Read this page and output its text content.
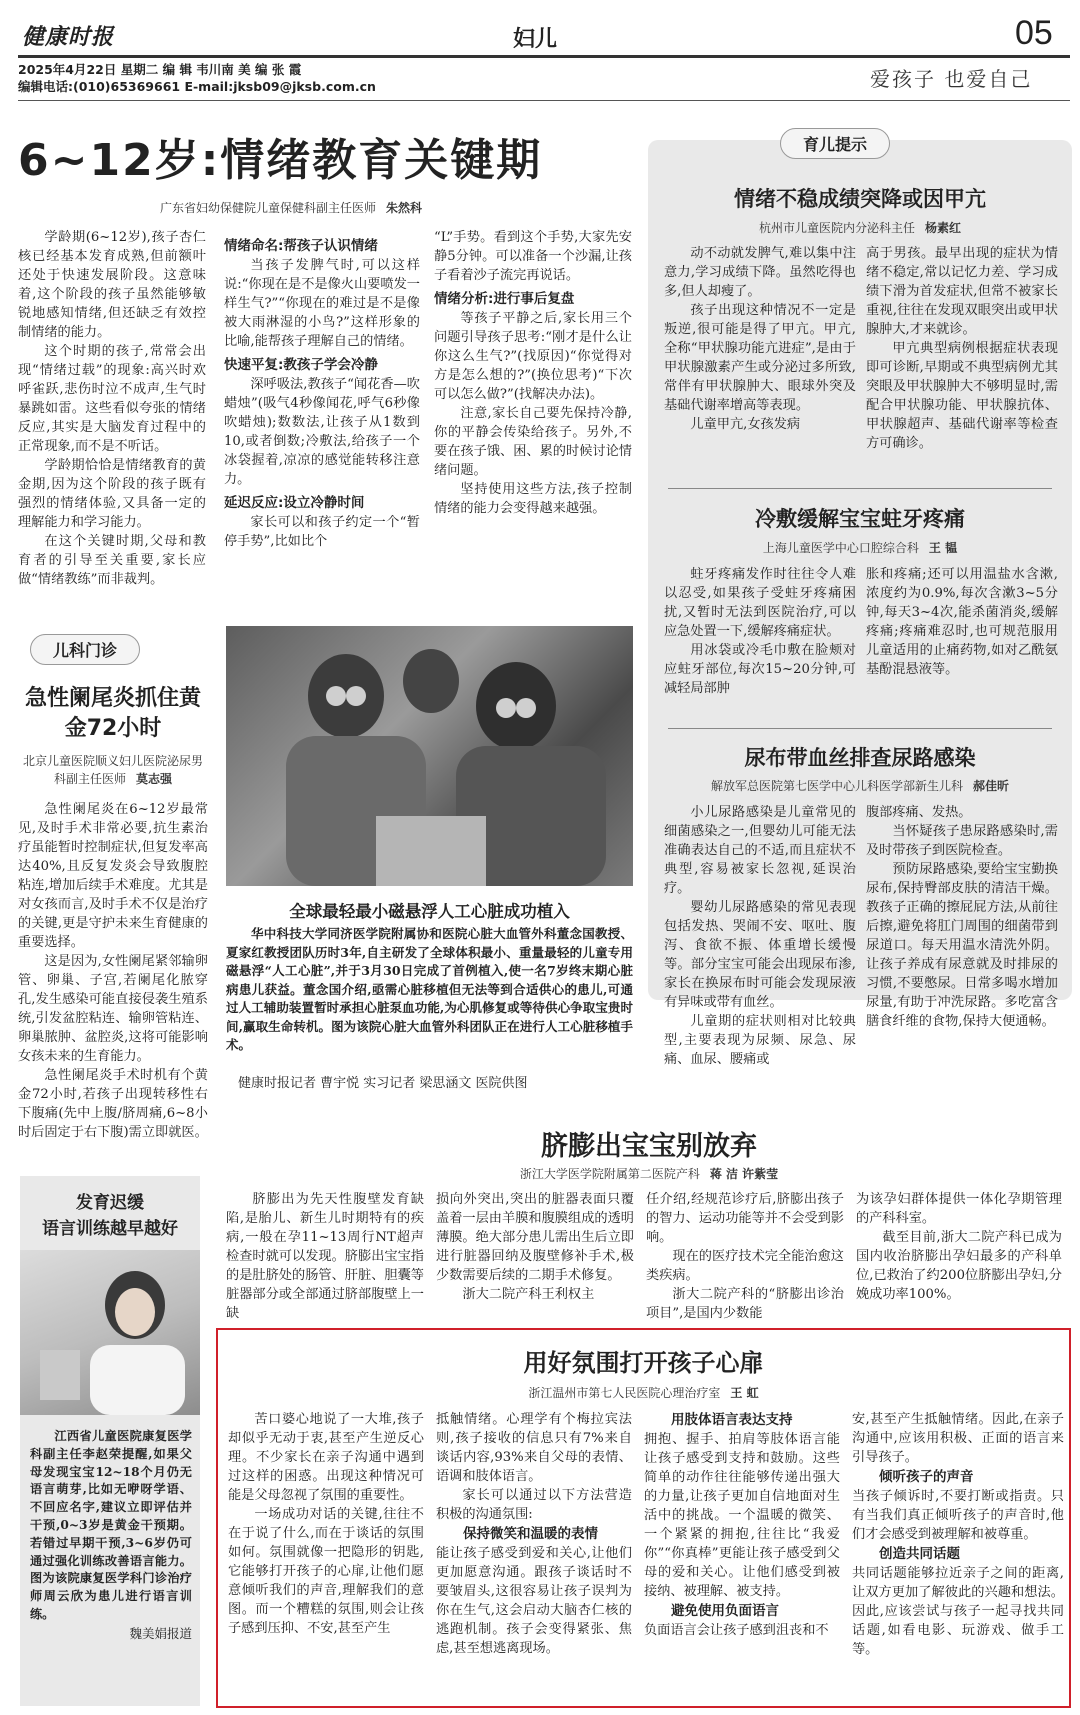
健康时报	妇儿	05
2025年4月22日 星期二 编 辑 韦川南 美 编 张 霞
编辑电话:(010)65369661 E-mail:jksb09@jksb.com.cn	爱孩子 也爱自己
6~12岁:情绪教育关键期
广东省妇幼保健院儿童保健科副主任医师 朱然科

学龄期(6~12岁),孩子杏仁核已经基本发育成熟,但前额叶还处于快速发展阶段。这意味着,这个阶段的孩子虽然能够敏锐地感知情绪,但还缺乏有效控制情绪的能力。

这个时期的孩子,常常会出现“情绪过载”的现象:高兴时欢呼雀跃,悲伤时泣不成声,生气时暴跳如雷。这些看似夸张的情绪反应,其实是大脑发育过程中的正常现象,而不是不听话。

学龄期恰恰是情绪教育的黄金期,因为这个阶段的孩子既有强烈的情绪体验,又具备一定的理解能力和学习能力。

在这个关键时期,父母和教育者的引导至关重要,家长应做“情绪教练”而非裁判。

情绪命名:帮孩子认识情绪

当孩子发脾气时,可以这样说:“你现在是不是像火山要喷发一样生气?”“你现在的难过是不是像被大雨淋湿的小鸟?”这样形象的比喻,能帮孩子理解自己的情绪。

快速平复:教孩子学会冷静

深呼吸法,教孩子“闻花香—吹蜡烛”(吸气4秒像闻花,呼气6秒像吹蜡烛);数数法,让孩子从1数到10,或者倒数;冷敷法,给孩子一个冰袋握着,凉凉的感觉能转移注意力。

延迟反应:设立冷静时间

家长可以和孩子约定一个“暂停手势”,比如比个

“L”手势。看到这个手势,大家先安静5分钟。可以准备一个沙漏,让孩子看着沙子流完再说话。

情绪分析:进行事后复盘

等孩子平静之后,家长用三个问题引导孩子思考:“刚才是什么让你这么生气?”(找原因)“你觉得对方是怎么想的?”(换位思考)“下次可以怎么做?”(找解决办法)。

注意,家长自己要先保持冷静,你的平静会传染给孩子。另外,不要在孩子饿、困、累的时候讨论情绪问题。

坚持使用这些方法,孩子控制情绪的能力会变得越来越强。

育儿提示
情绪不稳成绩突降或因甲亢
杭州市儿童医院内分泌科主任 杨素红

动不动就发脾气,难以集中注意力,学习成绩下降。虽然吃得也多,但人却瘦了。

孩子出现这种情况不一定是叛逆,很可能是得了甲亢。甲亢,全称“甲状腺功能亢进症”,是由于甲状腺激素产生或分泌过多所致,常伴有甲状腺肿大、眼球外突及基础代谢率增高等表现。

儿童甲亢,女孩发病

高于男孩。最早出现的症状为情绪不稳定,常以记忆力差、学习成绩下滑为首发症状,但常不被家长重视,往往在发现双眼突出或甲状腺肿大,才来就诊。

甲亢典型病例根据症状表现即可诊断,早期或不典型病例尤其突眼及甲状腺肿大不够明显时,需配合甲状腺功能、甲状腺抗体、甲状腺超声、基础代谢率等检查方可确诊。

冷敷缓解宝宝蛀牙疼痛
上海儿童医学中心口腔综合科 王 韫

蛀牙疼痛发作时往往令人难以忍受,如果孩子受蛀牙疼痛困扰,又暂时无法到医院治疗,可以应急处置一下,缓解疼痛症状。

用冰袋或冷毛巾敷在脸颊对应蛀牙部位,每次15~20分钟,可减轻局部肿

胀和疼痛;还可以用温盐水含漱,浓度约为0.9%,每次含漱3~5分钟,每天3~4次,能杀菌消炎,缓解疼痛;疼痛难忍时,也可规范服用儿童适用的止痛药物,如对乙酰氨基酚混悬液等。

尿布带血丝排查尿路感染
解放军总医院第七医学中心儿科医学部新生儿科 郝佳昕

小儿尿路感染是儿童常见的细菌感染之一,但婴幼儿可能无法准确表达自己的不适,而且症状不典型,容易被家长忽视,延误治疗。

婴幼儿尿路感染的常见表现包括发热、哭闹不安、呕吐、腹泻、食欲不振、体重增长缓慢等。部分宝宝可能会出现尿布渗,家长在换尿布时可能会发现尿液有异味或带有血丝。

儿童期的症状则相对比较典型,主要表现为尿频、尿急、尿痛、血尿、腰痛或

腹部疼痛、发热。

当怀疑孩子患尿路感染时,需及时带孩子到医院检查。

预防尿路感染,要给宝宝勤换尿布,保持臀部皮肤的清洁干燥。教孩子正确的擦屁屁方法,从前往后擦,避免将肛门周围的细菌带到尿道口。每天用温水清洗外阴。让孩子养成有尿意就及时排尿的习惯,不要憋尿。日常多喝水增加尿量,有助于冲洗尿路。多吃富含膳食纤维的食物,保持大便通畅。

儿科门诊
急性阑尾炎抓住黄金72小时
北京儿童医院顺义妇儿医院泌尿男科副主任医师 莫志强

急性阑尾炎在6~12岁最常见,及时手术非常必要,抗生素治疗虽能暂时控制症状,但复发率高达40%,且反复发炎会导致腹腔粘连,增加后续手术难度。尤其是对女孩而言,及时手术不仅是治疗的关键,更是守护未来生育健康的重要选择。

这是因为,女性阑尾紧邻输卵管、卵巢、子宫,若阑尾化脓穿孔,发生感染可能直接侵袭生殖系统,引发盆腔粘连、输卵管粘连、卵巢脓肿、盆腔炎,这将可能影响女孩未来的生育能力。

急性阑尾炎手术时机有个黄金72小时,若孩子出现转移性右下腹痛(先中上腹/脐周痛,6~8小时后固定于右下腹)需立即就医。

全球最轻最小磁悬浮人工心脏成功植入

华中科技大学同济医学院附属协和医院心脏大血管外科董念国教授、夏家红教授团队历时3年,自主研发了全球体积最小、重量最轻的儿童专用磁悬浮“人工心脏”,并于3月30日完成了首例植入,使一名7岁终末期心脏病患儿获益。董念国介绍,亟需心脏移植但无法等到合适供心的患儿,可通过人工辅助装置暂时承担心脏泵血功能,为心肌修复或等待供心争取宝贵时间,赢取生命转机。图为该院心脏大血管外科团队正在进行人工心脏移植手术。

健康时报记者 曹宇悦 实习记者 梁思涵文 医院供图
脐膨出宝宝别放弃
浙江大学医学院附属第二医院产科 蒋 洁 许紫莹

脐膨出为先天性腹壁发育缺陷,是胎儿、新生儿时期特有的疾病,一般在孕11~13周行NT超声检查时就可以发现。脐膨出宝宝指的是肚脐处的肠管、肝脏、胆囊等脏器部分或全部通过脐部腹壁上一缺

损向外突出,突出的脏器表面只覆盖着一层由羊膜和腹膜组成的透明薄膜。绝大部分患儿需出生后立即进行脏器回纳及腹壁修补手术,极少数需要后续的二期手术修复。

浙大二院产科王利权主

任介绍,经规范诊疗后,脐膨出孩子的智力、运动功能等并不会受到影响。

现在的医疗技术完全能治愈这类疾病。

浙大二院产科的“脐膨出诊治项目”,是国内少数能

为该孕妇群体提供一体化孕期管理的产科科室。

截至目前,浙大二院产科已成为国内收治脐膨出孕妇最多的产科单位,已救治了约200位脐膨出孕妇,分娩成功率100%。

发育迟缓
语言训练越早越好

江西省儿童医院康复医学科副主任李赵荣提醒,如果父母发现宝宝12~18个月仍无语言萌芽,比如无咿呀学语、不回应名字,建议立即评估并干预,0~3岁是黄金干预期。若错过早期干预,3~6岁仍可通过强化训练改善语言能力。图为该院康复医学科门诊治疗师周云欣为患儿进行语言训练。

魏美娟报道
用好氛围打开孩子心扉
浙江温州市第七人民医院心理治疗室 王 虹

苦口婆心地说了一大堆,孩子却似乎无动于衷,甚至产生逆反心理。不少家长在亲子沟通中遇到过这样的困惑。出现这种情况可能是父母忽视了氛围的重要性。

一场成功对话的关键,往往不在于说了什么,而在于谈话的氛围如何。氛围就像一把隐形的钥匙,它能够打开孩子的心扉,让他们愿意倾听我们的声音,理解我们的意图。而一个糟糕的氛围,则会让孩子感到压抑、不安,甚至产生

抵触情绪。心理学有个梅拉宾法则,孩子接收的信息只有7%来自谈话内容,93%来自父母的表情、语调和肢体语言。

家长可以通过以下方法营造积极的沟通氛围:

保持微笑和温暖的表情

能让孩子感受到爱和关心,让他们更加愿意沟通。跟孩子谈话时不要皱眉头,这很容易让孩子误判为你在生气,这会启动大脑杏仁核的逃跑机制。孩子会变得紧张、焦虑,甚至想逃离现场。

用肢体语言表达支持

拥抱、握手、拍肩等肢体语言能让孩子感受到支持和鼓励。这些简单的动作往往能够传递出强大的力量,让孩子更加自信地面对生活中的挑战。一个温暖的微笑、一个紧紧的拥抱,往往比“我爱你”“你真棒”更能让孩子感受到父母的爱和关心。让他们感受到被接纳、被理解、被支持。

避免使用负面语言

负面语言会让孩子感到沮丧和不

安,甚至产生抵触情绪。因此,在亲子沟通中,应该用积极、正面的语言来引导孩子。

倾听孩子的声音

当孩子倾诉时,不要打断或指责。只有当我们真正倾听孩子的声音时,他们才会感受到被理解和被尊重。

创造共同话题

共同话题能够拉近亲子之间的距离,让双方更加了解彼此的兴趣和想法。因此,应该尝试与孩子一起寻找共同话题,如看电影、玩游戏、做手工等。
